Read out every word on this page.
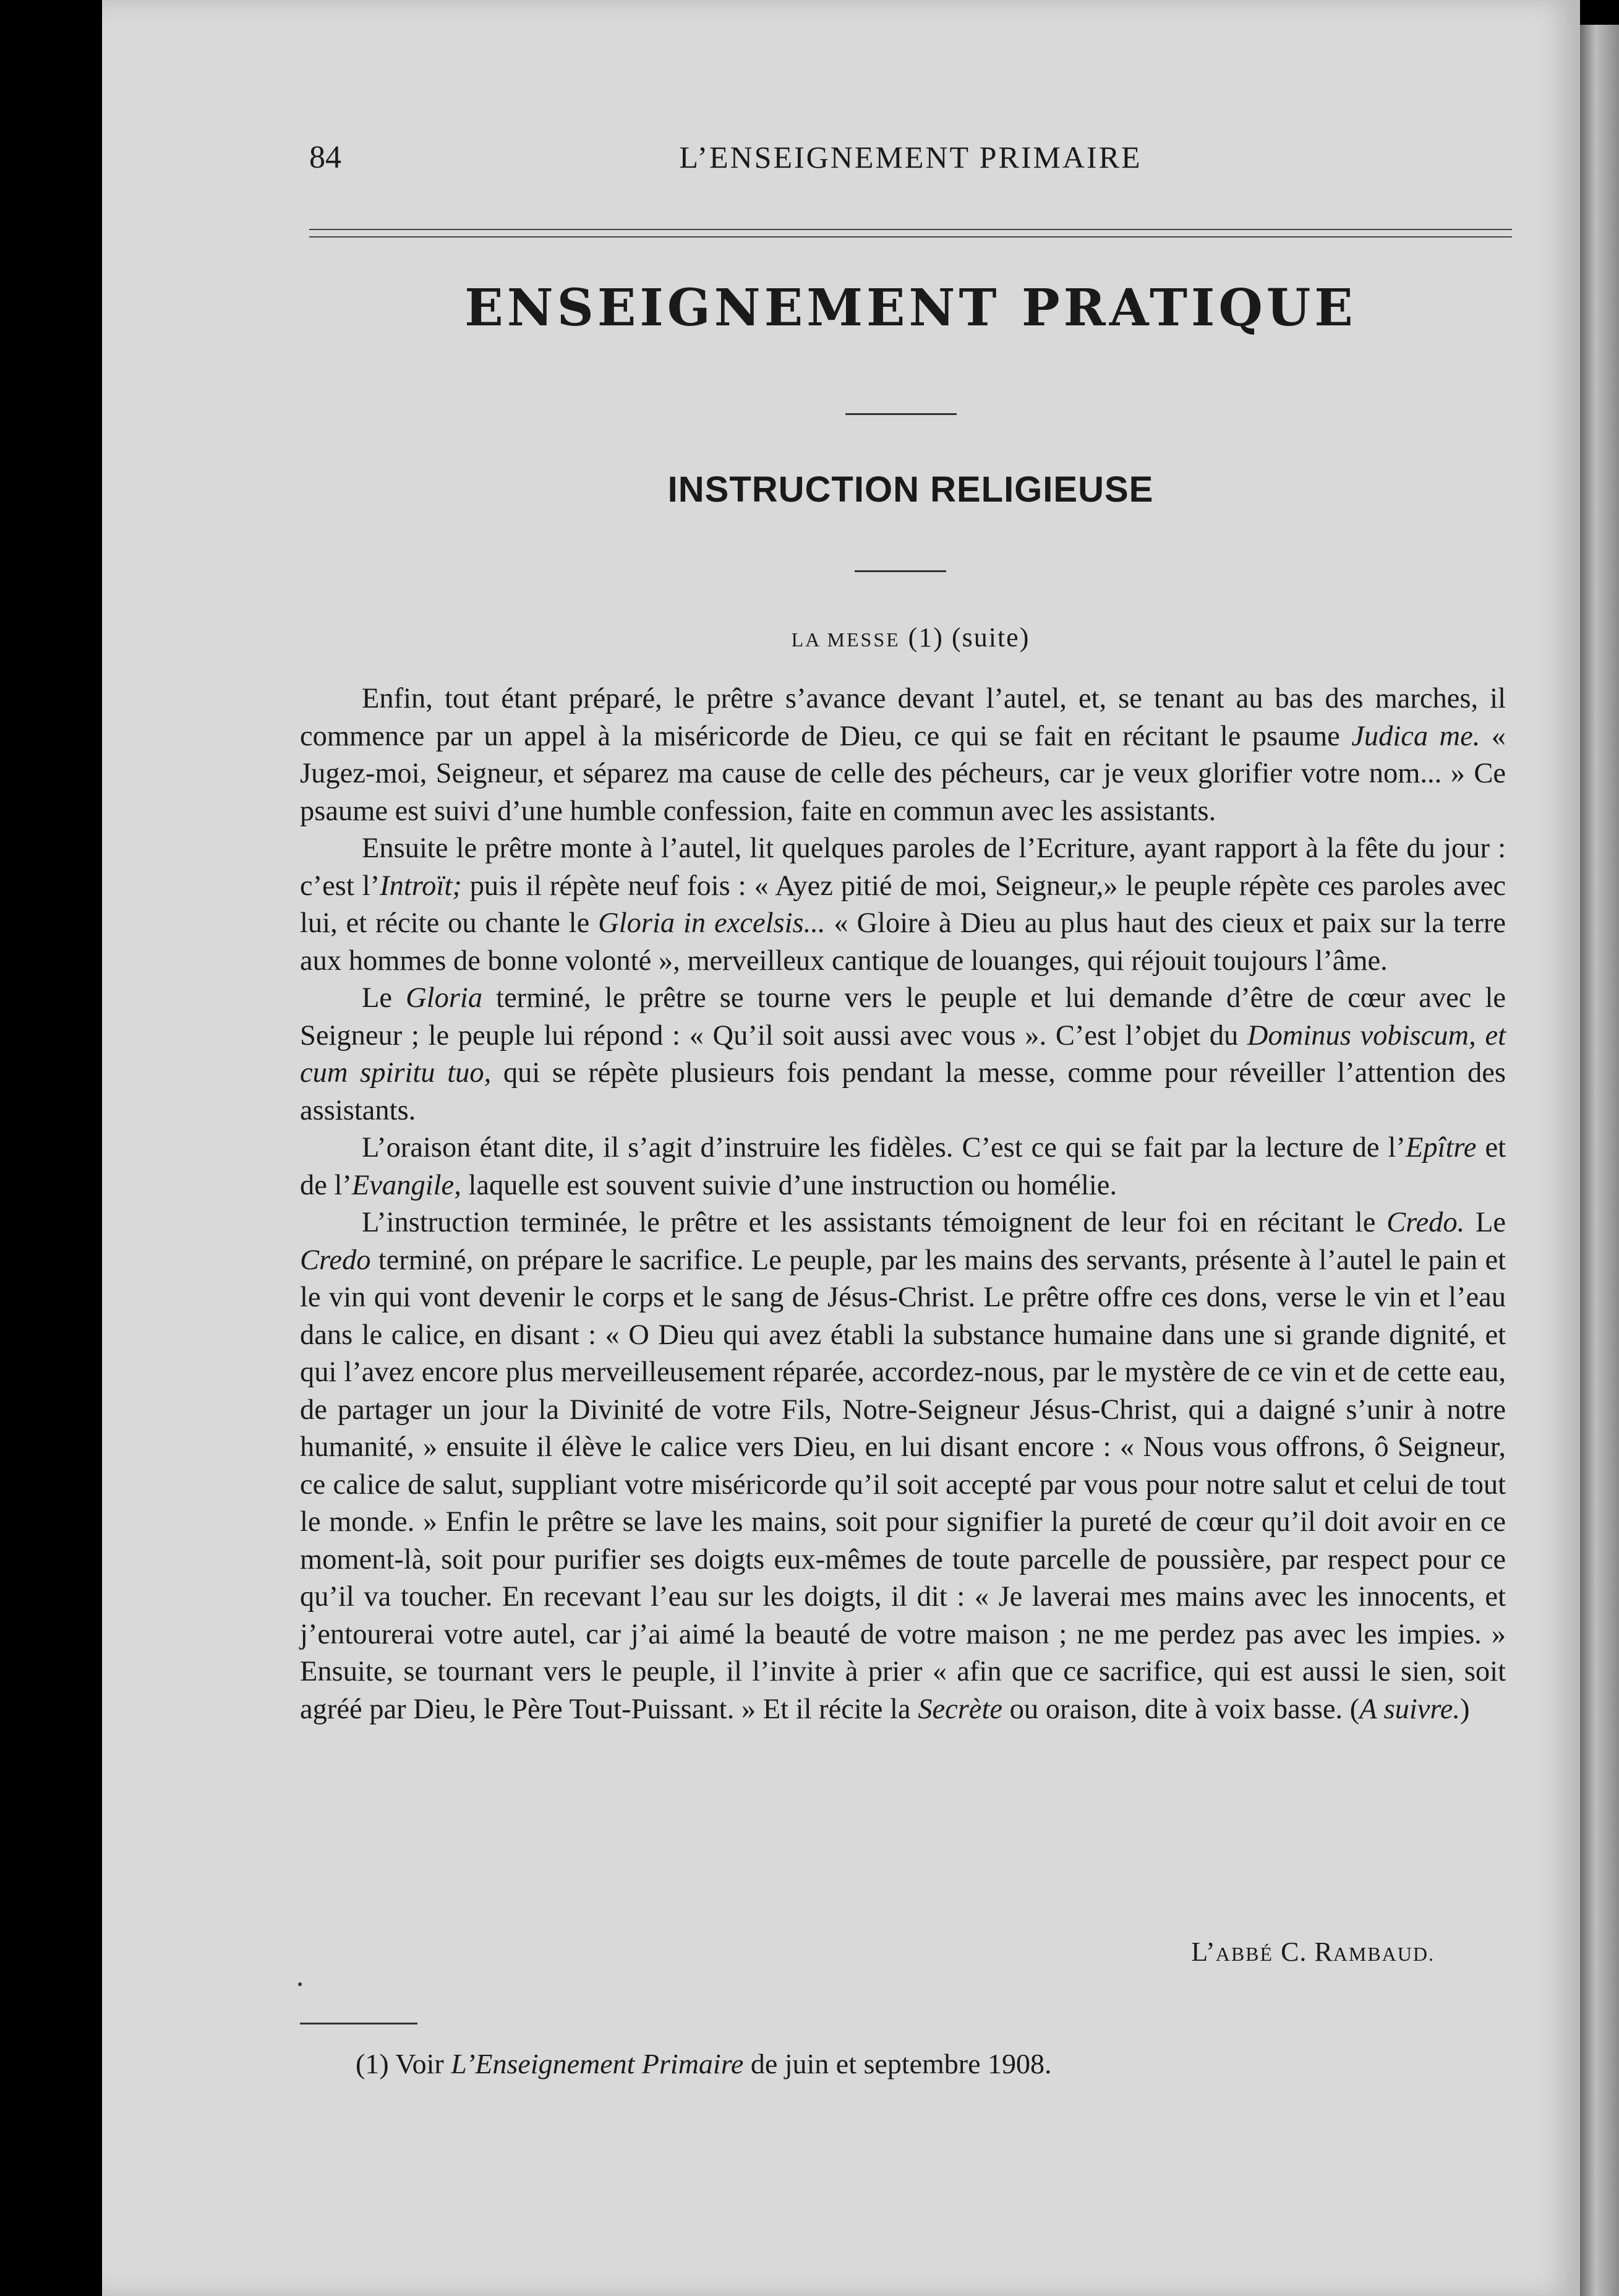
84	L’ENSEIGNEMENT PRIMAIRE
ENSEIGNEMENT PRATIQUE
INSTRUCTION RELIGIEUSE
LA MESSE (1) (suite)

Enfin, tout étant préparé, le prêtre s’avance devant l’autel, et, se tenant au bas des marches, il commence par un appel à la miséricorde de Dieu, ce qui se fait en récitant le psaume Judica me. « Jugez-moi, Seigneur, et séparez ma cause de celle des pécheurs, car je veux glorifier votre nom... » Ce psaume est suivi d’une humble confession, faite en commun avec les assistants.

Ensuite le prêtre monte à l’autel, lit quelques paroles de l’Ecriture, ayant rapport à la fête du jour : c’est l’Introït; puis il répète neuf fois : « Ayez pitié de moi, Seigneur,» le peuple répète ces paroles avec lui, et récite ou chante le Gloria in excelsis... « Gloire à Dieu au plus haut des cieux et paix sur la terre aux hommes de bonne volonté », merveilleux cantique de louanges, qui réjouit toujours l’âme.

Le Gloria terminé, le prêtre se tourne vers le peuple et lui demande d’être de cœur avec le Seigneur ; le peuple lui répond : « Qu’il soit aussi avec vous ». C’est l’objet du Dominus vobiscum, et cum spiritu tuo, qui se répète plusieurs fois pendant la messe, comme pour réveiller l’attention des assistants.

L’oraison étant dite, il s’agit d’instruire les fidèles. C’est ce qui se fait par la lecture de l’Epître et de l’Evangile, laquelle est souvent suivie d’une instruction ou homélie.

L’instruction terminée, le prêtre et les assistants témoignent de leur foi en récitant le Credo. Le Credo terminé, on prépare le sacrifice. Le peuple, par les mains des servants, présente à l’autel le pain et le vin qui vont devenir le corps et le sang de Jésus-Christ. Le prêtre offre ces dons, verse le vin et l’eau dans le calice, en disant : « O Dieu qui avez établi la substance humaine dans une si grande dignité, et qui l’avez encore plus merveilleusement réparée, accordez-nous, par le mystère de ce vin et de cette eau, de partager un jour la Divinité de votre Fils, Notre-Seigneur Jésus-Christ, qui a daigné s’unir à notre humanité, » ensuite il élève le calice vers Dieu, en lui disant encore : « Nous vous offrons, ô Seigneur, ce calice de salut, suppliant votre miséricorde qu’il soit accepté par vous pour notre salut et celui de tout le monde. » Enfin le prêtre se lave les mains, soit pour signifier la pureté de cœur qu’il doit avoir en ce moment-là, soit pour purifier ses doigts eux-mêmes de toute parcelle de poussière, par respect pour ce qu’il va toucher. En recevant l’eau sur les doigts, il dit : « Je laverai mes mains avec les innocents, et j’entourerai votre autel, car j’ai aimé la beauté de votre maison ; ne me perdez pas avec les impies. » Ensuite, se tournant vers le peuple, il l’invite à prier « afin que ce sacrifice, qui est aussi le sien, soit agréé par Dieu, le Père Tout-Puissant. » Et il récite la Secrète ou oraison, dite à voix basse. (A suivre.)

L’ABBÉ C. RAMBAUD.
(1) Voir L’Enseignement Primaire de juin et septembre 1908.
